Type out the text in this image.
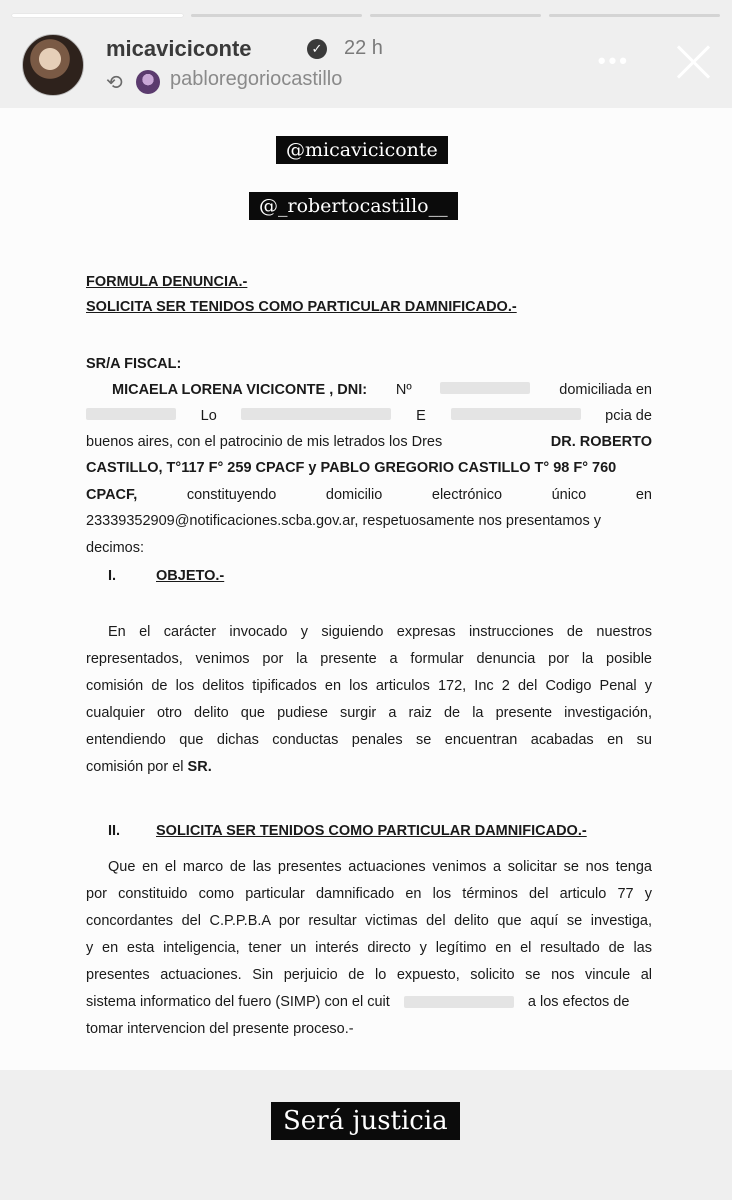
micaviciconte	✓ 22 h
⟲ pabloregoriocastillo
•••
@micaviciconte
@_robertocastillo__
FORMULA DENUNCIA.-
SOLICITA SER TENIDOS COMO PARTICULAR DAMNIFICADO.-
SR/A FISCAL:
MICAELA LORENA VICICONTE , DNI: Nº	domiciliada en
Lo	E	pcia de
buenos aires, con el patrocinio de mis letrados los Dres	DR. ROBERTO
CASTILLO, T°117 F° 259 CPACF y PABLO GREGORIO CASTILLO T° 98 F° 760
CPACF,	constituyendo	domicilio	electrónico	único	en
23339352909@notificaciones.scba.gov.ar, respetuosamente nos presentamos y
decimos:
I.	OBJETO.-
En el carácter invocado y siguiendo expresas instrucciones de nuestros
representados, venimos por la presente a formular denuncia por la posible
comisión de los delitos tipificados en los articulos 172, Inc 2 del Codigo Penal y
cualquier otro delito que pudiese surgir a raiz de la presente investigación,
entendiendo que dichas conductas penales se encuentran acabadas en su
comisión por el SR.
II. SOLICITA SER TENIDOS COMO PARTICULAR DAMNIFICADO.-
Que en el marco de las presentes actuaciones venimos a solicitar se nos tenga
por constituido como particular damnificado en los términos del articulo 77 y
concordantes del C.P.P.B.A por resultar victimas del delito que aquí se investiga,
y en esta inteligencia, tener un interés directo y legítimo en el resultado de las
presentes actuaciones. Sin perjuicio de lo expuesto, solicito se nos vincule al
sistema informatico del fuero (SIMP) con el cuit	a los efectos de
tomar intervencion del presente proceso.-
Será justicia
